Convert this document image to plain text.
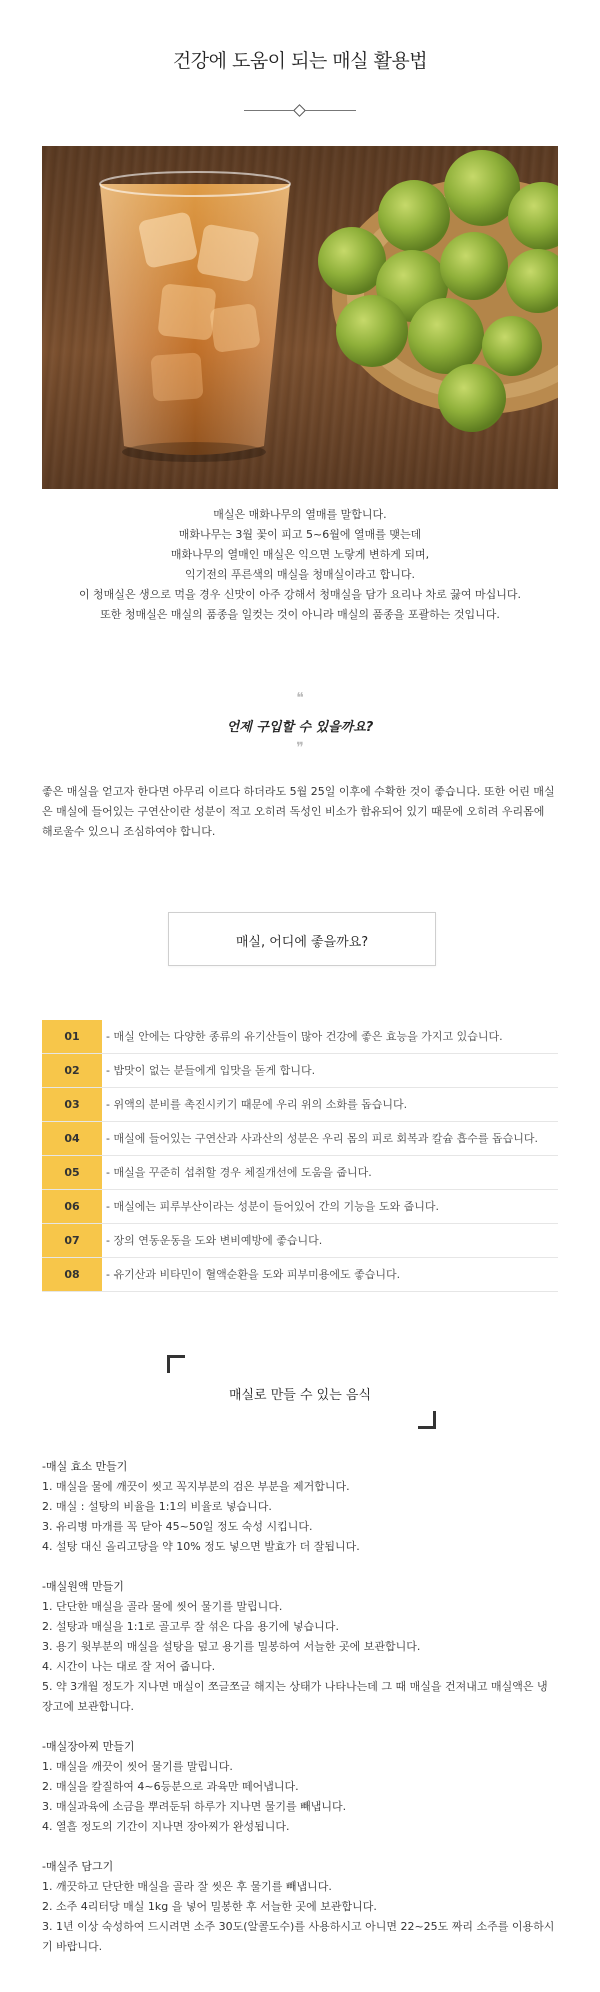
건강에 도움이 되는 매실 활용법

매실은 매화나무의 열매를 말합니다.

매화나무는 3월 꽃이 피고 5~6월에 열매를 맺는데

매화나무의 열매인 매실은 익으면 노랗게 변하게 되며,

익기전의 푸른색의 매실을 청매실이라고 합니다.

이 청매실은 생으로 먹을 경우 신맛이 아주 강해서 청매실을 담가 요리나 차로 끓여 마십니다.

또한 청매실은 매실의 품종을 일컷는 것이 아니라 매실의 품종을 포괄하는 것입니다.

❝
언제 구입할 수 있을까요?
❞
좋은 매실을 얻고자 한다면 아무리 이르다 하더라도 5월 25일 이후에 수확한 것이 좋습니다. 또한 어린 매실은 매실에 들어있는 구연산이란 성분이 적고 오히려 독성인 비소가 함유되어 있기 때문에 오히려 우리몸에 해로울수 있으니 조심하여야 합니다.
매실, 어디에 좋을까요?
01	- 매실 안에는 다양한 종류의 유기산들이 많아 건강에 좋은 효능을 가지고 있습니다.
02	- 밥맛이 없는 분들에게 입맛을 돋게 합니다.
03	- 위액의 분비를 촉진시키기 때문에 우리 위의 소화를 돕습니다.
04	- 매실에 들어있는 구연산과 사과산의 성분은 우리 몸의 피로 회복과 칼슘 흡수를 돕습니다.
05	- 매실을 꾸준히 섭취할 경우 체질개선에 도움을 줍니다.
06	- 매실에는 피루부산이라는 성분이 들어있어 간의 기능을 도와 줍니다.
07	- 장의 연동운동을 도와 변비예방에 좋습니다.
08	- 유기산과 비타민이 혈액순환을 도와 피부미용에도 좋습니다.
매실로 만들 수 있는 음식
-매실 효소 만들기
1. 매실을 물에 깨끗이 씻고 꼭지부분의 검은 부분을 제거합니다.
2. 매실 : 설탕의 비율을 1:1의 비율로 넣습니다.
3. 유리병 마개를 꼭 닫아 45~50일 정도 숙성 시킵니다.
4. 설탕 대신 올리고당을 약 10% 정도 넣으면 발효가 더 잘됩니다.
-매실원액 만들기
1. 단단한 매실을 골라 물에 씻어 물기를 말립니다.
2. 설탕과 매실을 1:1로 골고루 잘 섞은 다음 용기에 넣습니다.
3. 용기 윗부분의 매실을 설탕을 덮고 용기를 밀봉하여 서늘한 곳에 보관합니다.
4. 시간이 나는 대로 잘 저어 줍니다.
5. 약 3개월 정도가 지나면 매실이 쪼글쪼글 해지는 상태가 나타나는데 그 때 매실을 건져내고 매실액은 냉장고에 보관합니다.
-매실장아찌 만들기
1. 매실을 깨끗이 씻어 물기를 말립니다.
2. 매실을 칼질하여 4~6등분으로 과육만 떼어냅니다.
3. 매실과육에 소금을 뿌려둔뒤 하루가 지나면 물기를 빼냅니다.
4. 열흘 정도의 기간이 지나면 장아찌가 완성됩니다.
-매실주 담그기
1. 깨끗하고 단단한 매실을 골라 잘 씻은 후 물기를 빼냅니다.
2. 소주 4리터당 매실 1kg 을 넣어 밀봉한 후 서늘한 곳에 보관합니다.
3. 1년 이상 숙성하여 드시려면 소주 30도(알콜도수)를 사용하시고 아니면 22~25도 짜리 소주를 이용하시기 바랍니다.
